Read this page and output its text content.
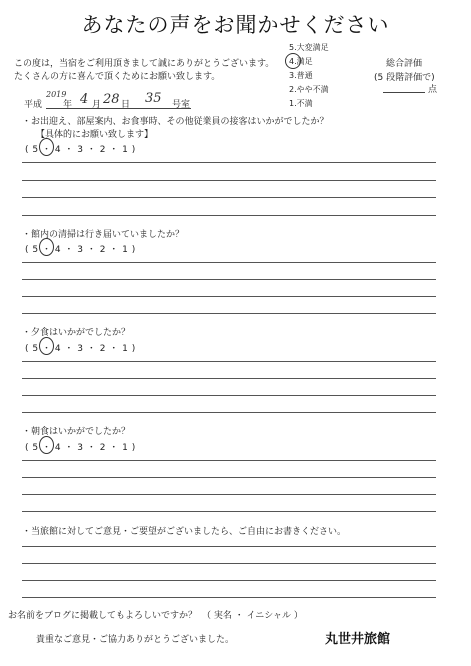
あなたの声をお聞かせください
この度は，当宿をご利用頂きまして誠にありがとうございます。
たくさんの方に喜んで頂くためにお願い致します。
5.大変満足
4.満足
3.普通
2.やや不満
1.不満
総合評価
(5 段階評価で)
点
平成
2019
年 4 月 28 日 35 号室
・お出迎え、部屋案内、お食事時、その他従業員の接客はいかがでしたか？
【具体的にお願い致します】
( 5 ・ 4 ・ 3 ・ 2 ・ 1 )
・館内の清掃は行き届いていましたか？
( 5 ・ 4 ・ 3 ・ 2 ・ 1 )
・夕食はいかがでしたか？
( 5 ・ 4 ・ 3 ・ 2 ・ 1 )
・朝食はいかがでしたか？
( 5 ・ 4 ・ 3 ・ 2 ・ 1 )
・当旅館に対してご意見・ご要望がございましたら、ご自由にお書きください。
お名前をブログに掲載してもよろしいですか？ （ 実名 ・ イニシャル ）
貴重なご意見・ご協力ありがとうございました。	丸世井旅館
